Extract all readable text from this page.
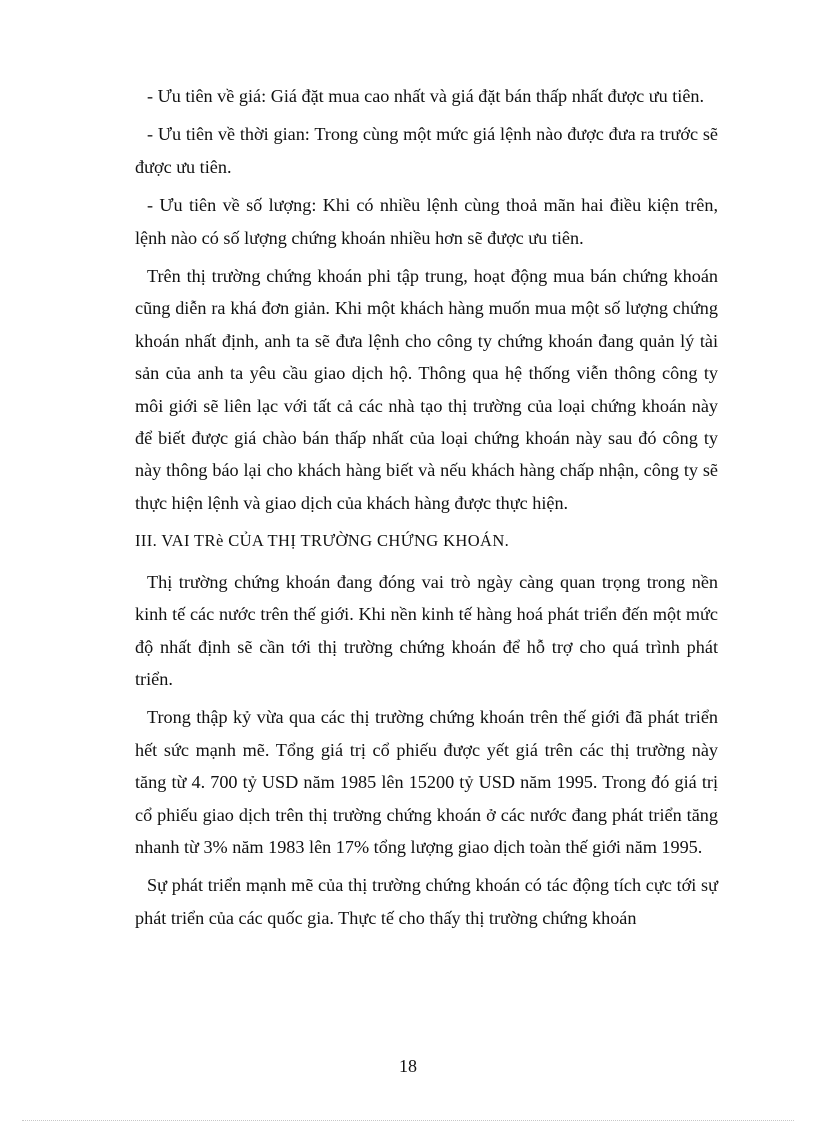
- Ưu tiên về giá: Giá đặt mua cao nhất và giá đặt bán thấp nhất được ưu tiên.

- Ưu tiên về thời gian: Trong cùng một mức giá lệnh nào được đưa ra trước sẽ được ưu tiên.

- Ưu tiên về số lượng: Khi có nhiều lệnh cùng thoả mãn hai điều kiện trên, lệnh nào có số lượng chứng khoán nhiều hơn sẽ được ưu tiên.

Trên thị trường chứng khoán phi tập trung, hoạt động mua bán chứng khoán cũng diễn ra khá đơn giản. Khi một khách hàng muốn mua một số lượng chứng khoán nhất định, anh ta sẽ đưa lệnh cho công ty chứng khoán đang quản lý tài sản của anh ta yêu cầu giao dịch hộ. Thông qua hệ thống viễn thông công ty môi giới sẽ liên lạc với tất cả các nhà tạo thị trường của loại chứng khoán này để biết được giá chào bán thấp nhất của loại chứng khoán này sau đó công ty này thông báo lại cho khách hàng biết và nếu khách hàng chấp nhận, công ty sẽ thực hiện lệnh và giao dịch của khách hàng được thực hiện.

III. VAI TRè CỦA THỊ TRƯỜNG CHỨNG KHOÁN.

Thị trường chứng khoán đang đóng vai trò ngày càng quan trọng trong nền kinh tế các nước trên thế giới. Khi nền kinh tế hàng hoá phát triển đến một mức độ nhất định sẽ cần tới thị trường chứng khoán để hỗ trợ cho quá trình phát triển.

Trong thập kỷ vừa qua các thị trường chứng khoán trên thế giới đã phát triển hết sức mạnh mẽ. Tổng giá trị cổ phiếu được yết giá trên các thị trường này tăng từ 4. 700 tỷ USD năm 1985 lên 15200 tỷ USD năm 1995. Trong đó giá trị cổ phiếu giao dịch trên thị trường chứng khoán ở các nước đang phát triển tăng nhanh từ 3% năm 1983 lên 17% tổng lượng giao dịch toàn thế giới năm 1995.

Sự phát triển mạnh mẽ của thị trường chứng khoán có tác động tích cực tới sự phát triển của các quốc gia. Thực tế cho thấy thị trường chứng khoán

18
